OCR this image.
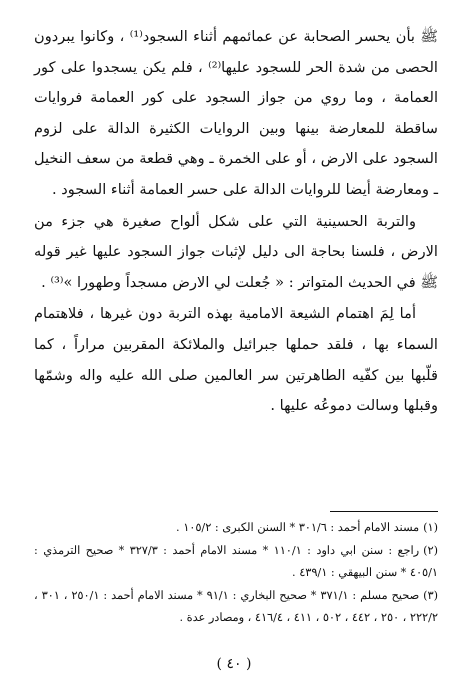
ﷺ بأن يحسر الصحابة عن عمائمهم أثناء السجود⁽¹⁾ ، وكانوا يبردون الحصى من شدة الحر للسجود عليها⁽²⁾ ، فلم يكن يسجدوا على كور العمامة ، وما روي من جواز السجود على كور العمامة فروايات ساقطة للمعارضة بينها وبين الروايات الكثيرة الدالة على لزوم السجود على الارض ، أو على الخمرة ـ وهي قطعة من سعف النخيل ـ ومعارضة أيضا للروايات الدالة على حسر العمامة أثناء السجود .

والتربة الحسينية التي على شكل ألواح صغيرة هي جزء من الارض ، فلسنا بحاجة الى دليل لإثبات جواز السجود عليها غير قوله ﷺ في الحديث المتواتر : « جُعلت لي الارض مسجداً وطهورا »⁽³⁾ .

أما لِمَ اهتمام الشيعة الامامية بهذه التربة دون غيرها ، فلاهتمام السماء بها ، فلقد حملها جبرائيل والملائكة المقربين مراراً ، كما قلّبها بين كفّيه الطاهرتين سر العالمين صلى الله عليه واله وشمّها وقبلها وسالت دموعُه عليها .

(١)مسند الامام أحمد : ٣٠١/٦ * السنن الكبرى : ١٠٥/٢ .

(٢)راجع : سنن ابي داود : ١١٠/١ * مسند الامام أحمد : ٣٢٧/٣ * صحيح الترمذي : ٤٠٥/١ * سنن البيهقي : ٤٣٩/١ .

(٣)صحيح مسلم : ٣٧١/١ * صحيح البخاري : ٩١/١ * مسند الامام أحمد : ٢٥٠/١ ، ٣٠١ ، ٢٢٢/٢ ، ٢٥٠ ، ٤٤٢ ، ٥٠٢ ، ٤١١ ، ٤١٦/٤ ، ومصادر عدة .

( ٤٠ )
